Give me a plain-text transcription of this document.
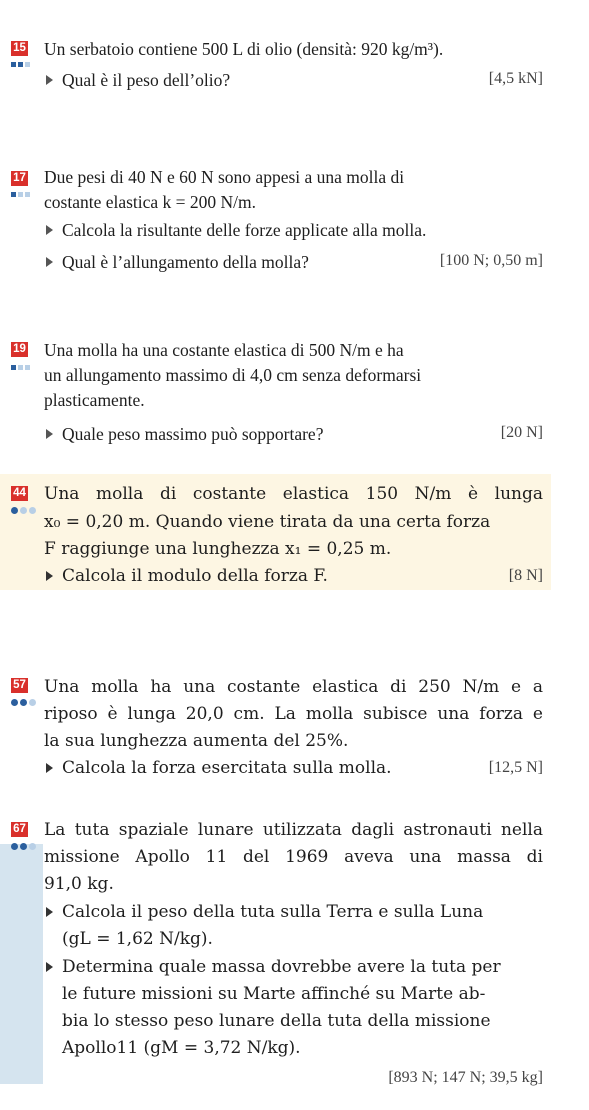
15 Un serbatoio contiene 500 L di olio (densità: 920 kg/m³).
Qual è il peso dell’olio?	[4,5 kN]
17 Due pesi di 40 N e 60 N sono appesi a una molla di
costante elastica k = 200 N/m.
Calcola la risultante delle forze applicate alla molla.
Qual è l’allungamento della molla?	[100 N; 0,50 m]
19 Una molla ha una costante elastica di 500 N/m e ha
un allungamento massimo di 4,0 cm senza deformarsi
plasticamente.
Quale peso massimo può sopportare?	[20 N]
44 Una molla di costante elastica 150 N/m è lunga
x₀ = 0,20 m. Quando viene tirata da una certa forza
F raggiunge una lunghezza x₁ = 0,25 m.
Calcola il modulo della forza F.	[8 N]
57 Una molla ha una costante elastica di 250 N/m e a
riposo è lunga 20,0 cm. La molla subisce una forza e
la sua lunghezza aumenta del 25%.
Calcola la forza esercitata sulla molla.	[12,5 N]
67 La tuta spaziale lunare utilizzata dagli astronauti nella
missione Apollo 11 del 1969 aveva una massa di
91,0 kg.
Calcola il peso della tuta sulla Terra e sulla Luna
(gL = 1,62 N/kg).
Determina quale massa dovrebbe avere la tuta per
le future missioni su Marte affinché su Marte ab-
bia lo stesso peso lunare della tuta della missione
Apollo11 (gM = 3,72 N/kg).
[893 N; 147 N; 39,5 kg]
